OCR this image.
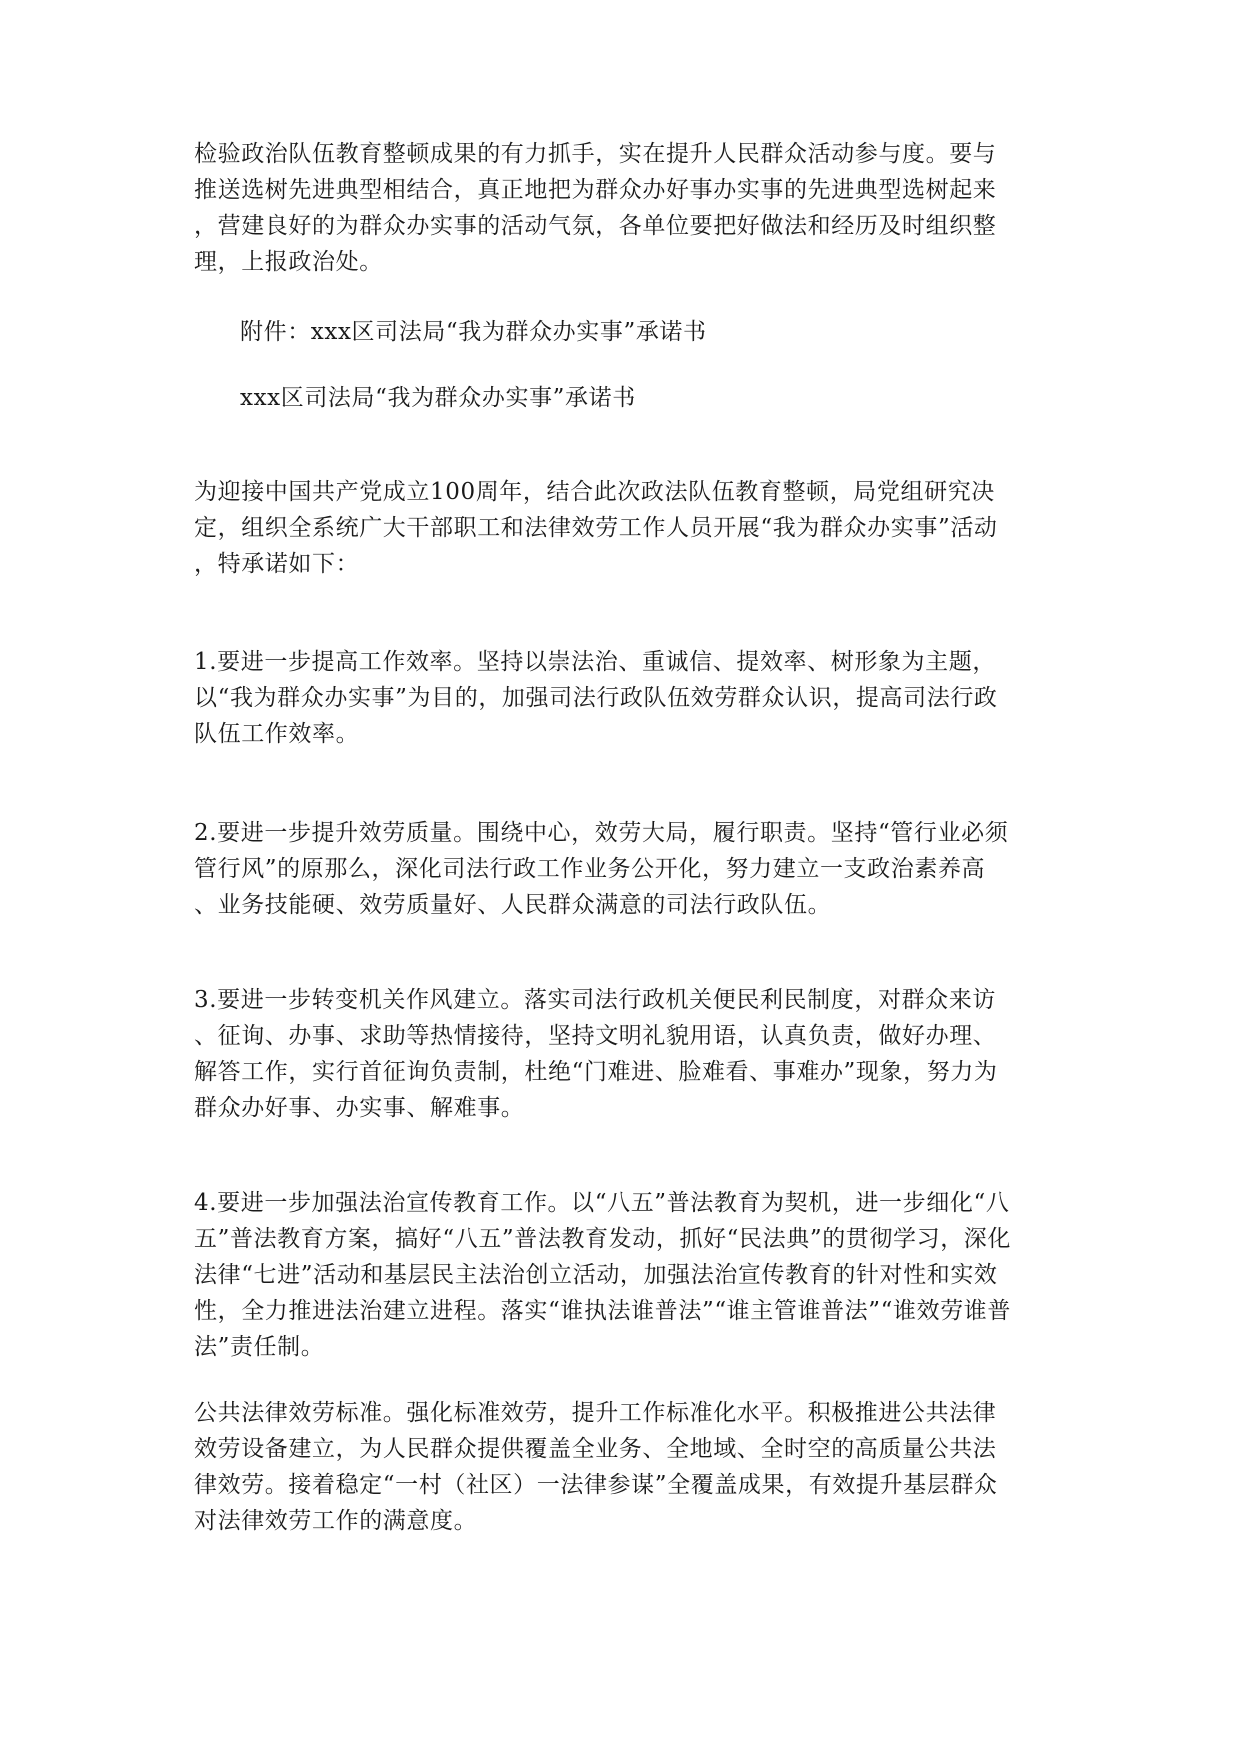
检验政治队伍教育整顿成果的有力抓手，实在提升人民群众活动参与度。要与
推送选树先进典型相结合，真正地把为群众办好事办实事的先进典型选树起来
，营建良好的为群众办实事的活动气氛，各单位要把好做法和经历及时组织整
理，上报政治处。
附件：xxx区司法局“我为群众办实事”承诺书
xxx区司法局“我为群众办实事”承诺书
为迎接中国共产党成立100周年，结合此次政法队伍教育整顿，局党组研究决
定，组织全系统广大干部职工和法律效劳工作人员开展“我为群众办实事”活动
，特承诺如下：
1.要进一步提高工作效率。坚持以崇法治、重诚信、提效率、树形象为主题，
以“我为群众办实事”为目的，加强司法行政队伍效劳群众认识，提高司法行政
队伍工作效率。
2.要进一步提升效劳质量。围绕中心，效劳大局，履行职责。坚持“管行业必须
管行风”的原那么，深化司法行政工作业务公开化，努力建立一支政治素养高
、业务技能硬、效劳质量好、人民群众满意的司法行政队伍。
3.要进一步转变机关作风建立。落实司法行政机关便民利民制度，对群众来访
、征询、办事、求助等热情接待，坚持文明礼貌用语，认真负责，做好办理、
解答工作，实行首征询负责制，杜绝“门难进、脸难看、事难办”现象，努力为
群众办好事、办实事、解难事。
4.要进一步加强法治宣传教育工作。以“八五”普法教育为契机，进一步细化“八
五”普法教育方案，搞好“八五”普法教育发动，抓好“民法典”的贯彻学习，深化
法律“七进”活动和基层民主法治创立活动，加强法治宣传教育的针对性和实效
性，全力推进法治建立进程。落实“谁执法谁普法”“谁主管谁普法”“谁效劳谁普
法”责任制。
公共法律效劳标准。强化标准效劳，提升工作标准化水平。积极推进公共法律
效劳设备建立，为人民群众提供覆盖全业务、全地域、全时空的高质量公共法
律效劳。接着稳定“一村（社区）一法律参谋”全覆盖成果，有效提升基层群众
对法律效劳工作的满意度。
